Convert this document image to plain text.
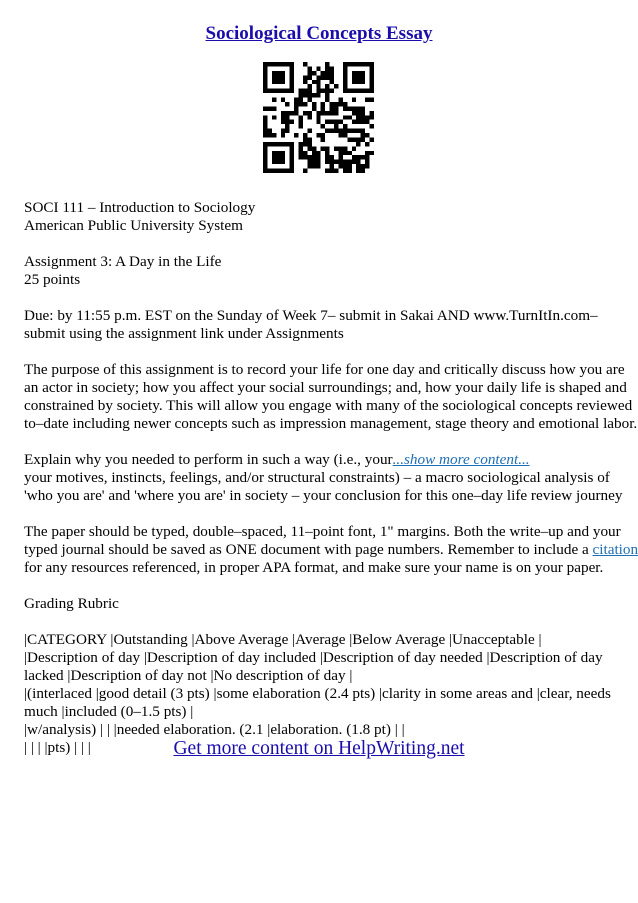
Sociological Concepts Essay

SOCI 111 – Introduction to Sociology
American Public University System

Assignment 3: A Day in the Life
25 points

Due: by 11:55 p.m. EST on the Sunday of Week 7– submit in Sakai AND www.TurnItIn.com–
submit using the assignment link under Assignments

The purpose of this assignment is to record your life for one day and critically discuss how you are
an actor in society; how you affect your social surroundings; and, how your daily life is shaped and
constrained by society. This will allow you engage with many of the sociological concepts reviewed
to–date including newer concepts such as impression management, stage theory and emotional labor.

Explain why you needed to perform in such a way (i.e., your...show more content...
your motives, instincts, feelings, and/or structural constraints) – a macro sociological analysis of
'who you are' and 'where you are' in society – your conclusion for this one–day life review journey

The paper should be typed, double–spaced, 11–point font, 1" margins. Both the write–up and your
typed journal should be saved as ONE document with page numbers. Remember to include a citation
for any resources referenced, in proper APA format, and make sure your name is on your paper.

Grading Rubric

|CATEGORY |Outstanding |Above Average |Average |Below Average |Unacceptable |
|Description of day |Description of day included |Description of day needed |Description of day
lacked |Description of day not |No description of day |
|(interlaced |good detail (3 pts) |some elaboration (2.4 pts) |clarity in some areas and |clear, needs
much |included (0–1.5 pts) |
|w/analysis) | | |needed elaboration. (2.1 |elaboration. (1.8 pt) | |
| | | |pts) | | |	Get more content on HelpWriting.net
